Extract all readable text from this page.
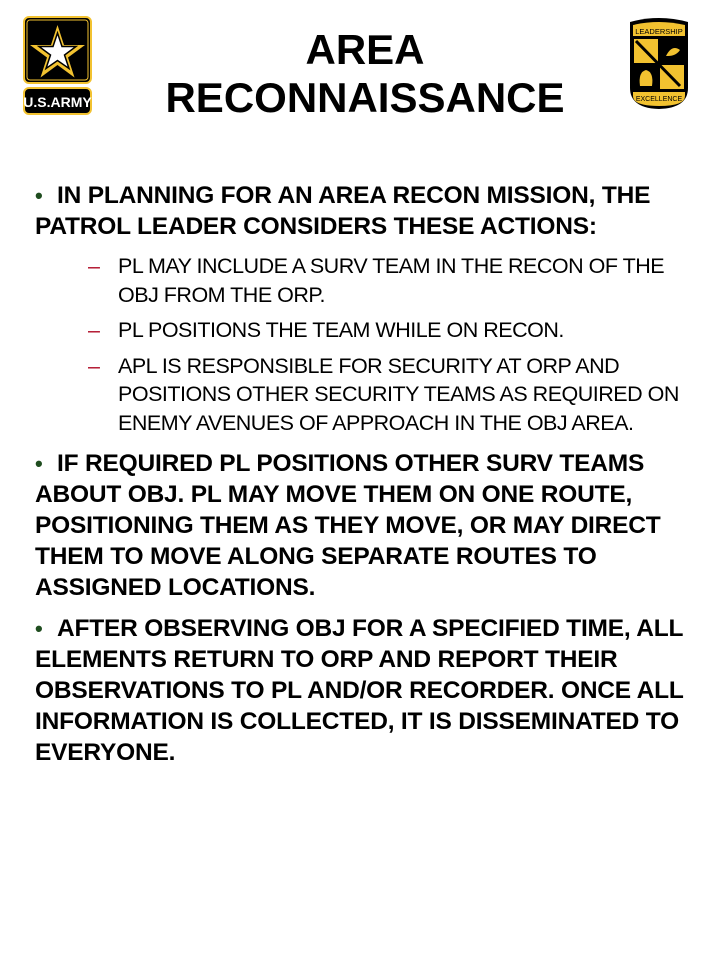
U.S.ARMY
AREA
RECONNAISSANCE
LEADERSHIP
EXCELLENCE
• IN PLANNING FOR AN AREA RECON MISSION, THE PATROL LEADER CONSIDERS THESE ACTIONS:
– PL MAY INCLUDE A SURV TEAM IN THE RECON OF THE OBJ FROM THE ORP.
– PL POSITIONS THE TEAM WHILE ON RECON.
– APL IS RESPONSIBLE FOR SECURITY AT ORP AND POSITIONS OTHER SECURITY TEAMS AS REQUIRED ON ENEMY AVENUES OF APPROACH IN THE OBJ AREA.
• IF REQUIRED PL POSITIONS OTHER SURV TEAMS ABOUT OBJ. PL MAY MOVE THEM ON ONE ROUTE, POSITIONING THEM AS THEY MOVE, OR MAY DIRECT THEM TO MOVE ALONG SEPARATE ROUTES TO ASSIGNED LOCATIONS.
• AFTER OBSERVING OBJ FOR A SPECIFIED TIME, ALL ELEMENTS RETURN TO ORP AND REPORT THEIR OBSERVATIONS TO PL AND/OR RECORDER. ONCE ALL INFORMATION IS COLLECTED, IT IS DISSEMINATED TO EVERYONE.
